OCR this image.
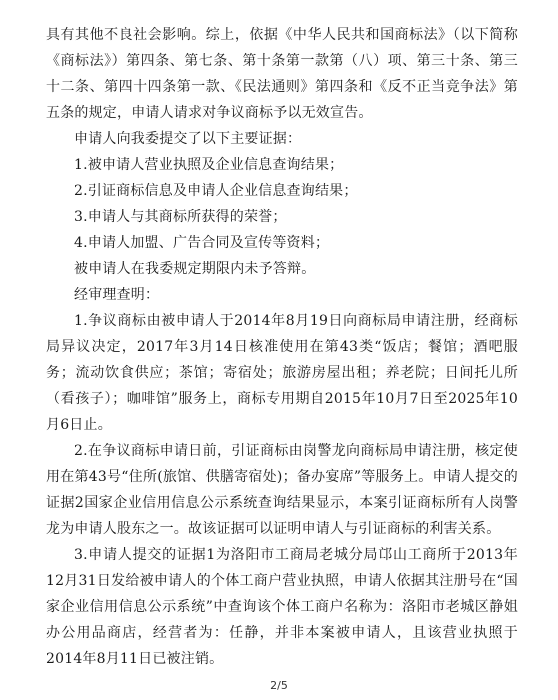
具有其他不良社会影响。综上，依据《中华人民共和国商标法》（以下简称《商标法》）第四条、第七条、第十条第一款第（八）项、第三十条、第三十二条、第四十四条第一款、《民法通则》第四条和《反不正当竞争法》第五条的规定，申请人请求对争议商标予以无效宣告。

申请人向我委提交了以下主要证据：

1.被申请人营业执照及企业信息查询结果；

2.引证商标信息及申请人企业信息查询结果；

3.申请人与其商标所获得的荣誉；

4.申请人加盟、广告合同及宣传等资料；

被申请人在我委规定期限内未予答辩。

经审理查明：

1.争议商标由被申请人于2014年8月19日向商标局申请注册，经商标局异议决定，2017年3月14日核准使用在第43类“饭店；餐馆；酒吧服务；流动饮食供应；茶馆；寄宿处；旅游房屋出租；养老院；日间托儿所（看孩子）；咖啡馆”服务上，商标专用期自2015年10月7日至2025年10月6日止。

2.在争议商标申请日前，引证商标由岗警龙向商标局申请注册，核定使用在第43号“住所(旅馆、供膳寄宿处)；备办宴席”等服务上。申请人提交的证据2国家企业信用信息公示系统查询结果显示，本案引证商标所有人岗警龙为申请人股东之一。故该证据可以证明申请人与引证商标的利害关系。

3.申请人提交的证据1为洛阳市工商局老城分局邙山工商所于2013年12月31日发给被申请人的个体工商户营业执照，申请人依据其注册号在“国家企业信用信息公示系统”中查询该个体工商户名称为：洛阳市老城区静姐办公用品商店，经营者为：任静，并非本案被申请人，且该营业执照于2014年8月11日已被注销。

2/5
